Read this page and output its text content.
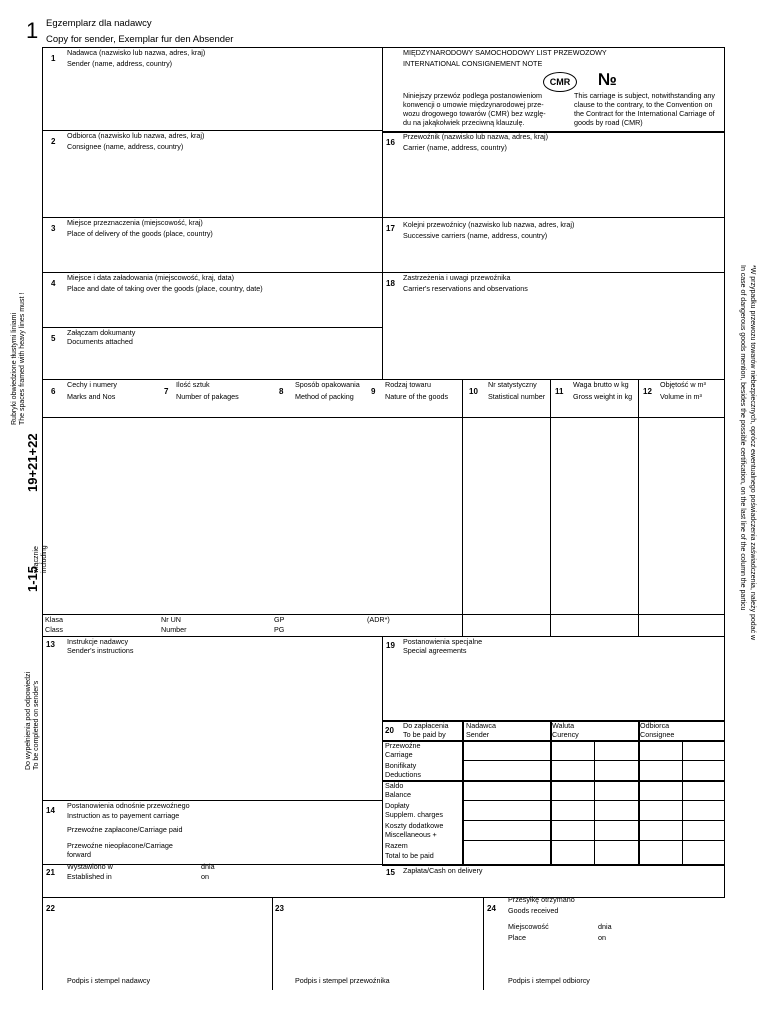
1 Egzemplarz dla nadawcy
Copy for sender, Exemplar fur den Absender
1
Nadawca (nazwisko lub nazwa, adres, kraj)
Sender (name, address, country)
MIĘDZYNARODOWY SAMOCHODOWY LIST PRZEWOZOWY
INTERNATIONAL CONSIGNEMENT NOTE
CMR	№
Niniejszy przewóz podlega postanowieniom
konwencji o umowie międzynarodowej prze-
wozu drogowego towarów (CMR) bez wzglę-
du na jakąkolwiek przeciwną klauzulę.
This carriage is subject, notwithstanding any
clause to the contrary, to the Convention on
the Contract for the International Carriage of
goods by road (CMR)
2
Odbiorca (nazwisko lub nazwa, adres, kraj)
Consignee (name, address, country)	16
Przewoźnik (nazwisko lub nazwa, adres, kraj)
Carrier (name, address, country)
3
Miejsce przeznaczenia (miejscowość, kraj)
Place of delivery of the goods (place, country)
17 Kolejni przewoźnicy (nazwisko lub nazwa, adres, kraj)
Successive carriers (name, address, country)
4
Miejsce i data załadowania (miejscowość, kraj, data)
Place and date of taking over the goods (place, country, date)
18
Zastrzeżenia i uwagi przewoźnika
Carrier's reservations and observations
5
Załączam dokumanty
Documents attached
6
Cechy i numery
Marks and Nos
7
Ilość sztuk
Number of pakages
8
Sposób opakowania
Method of packing
9
Rodzaj towaru
Nature of the goods
10
Nr statystyczny
Statistical number
11
Waga brutto w kg
Gross weight in kg
12
Objętość w m³
Volume in m³
Klasa
Class
Nr UN
Number
GP
PG
(ADR*)
13 Instrukcje nadawcy
Sender's instructions
19 Postanowienia specjalne
Special agreements
20
Do zapłacenia
To be paid by
Nadawca
Sender
Waluta
Curency
Odbiorca
Consignee
Przewoźne
Carriage
Bonifikaty
Deductions
Saldo
Balance
Dopłaty
Supplem. charges
Koszty dodatkowe
Miscellaneous +
Razem
Total to be paid
14
Postanowienia odnośnie przewoźnego
Instruction as to payement carriage
Przewoźne zapłacone/Carriage paid
Przewoźne nieopłacone/Carriage
forward
21
Wystawiono w
Established in
dnia
on	15 Zapłata/Cash on delivery
22
Podpis i stempel nadawcy
23
Podpis i stempel przewoźnika
24
Przesyłkę otrzymano
Goods received
Miejscowość
Place
dnia
on
Podpis i stempel odbiorcy
19+21+22
Rubryki obwiedzione tłustymi liniami The spaces framed with heavy lines must !
1-15
włącznie including
Do wypełnienia pod odpowiedzi To be completed on sender's
*W przypadku przewozu towarów niebezpiecznych, oprócz ewentualnego poświadczenia zaświadczenia, należy podać w
In case of dangerous goods mention, besides the possible certification, on the last line of the column the particu
